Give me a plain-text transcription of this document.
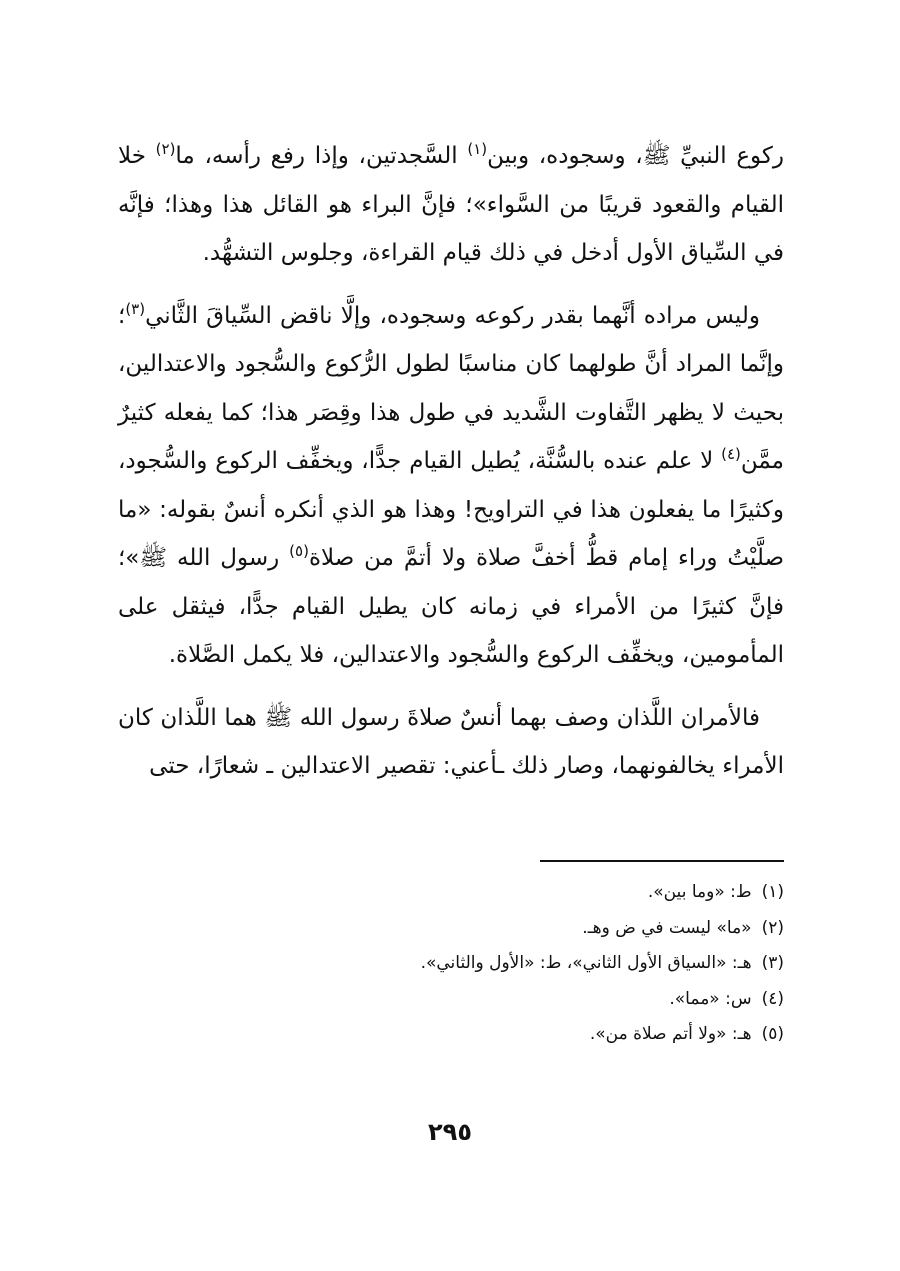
ركوع النبيِّ ﷺ، وسجوده، وبين$^{(١)}$ السَّجدتين، وإذا رفع رأسه، ما$^{(٢)}$ خلا القيام والقعود قريبًا من السَّواء»؛ فإنَّ البراء هو القائل هذا وهذا؛ فإنَّه في السِّياق الأول أدخل في ذلك قيام القراءة، وجلوس التشهُّد.

وليس مراده أنَّهما بقدر ركوعه وسجوده، وإلَّا ناقض السِّياقَ الثَّاني$^{(٣)}$؛ وإنَّما المراد أنَّ طولهما كان مناسبًا لطول الرُّكوع والسُّجود والاعتدالين، بحيث لا يظهر التَّفاوت الشَّديد في طول هذا وقِصَر هذا؛ كما يفعله كثيرٌ ممَّن$^{(٤)}$ لا علم عنده بالسُّنَّة، يُطيل القيام جدًّا، ويخفِّف الركوع والسُّجود، وكثيرًا ما يفعلون هذا في التراويح! وهذا هو الذي أنكره أنسٌ بقوله: «ما صلَّيْتُ وراء إمام قطُّ أخفَّ صلاة ولا أتمَّ من صلاة$^{(٥)}$ رسول الله ﷺ»؛ فإنَّ كثيرًا من الأمراء في زمانه كان يطيل القيام جدًّا، فيثقل على المأمومين، ويخفِّف الركوع والسُّجود والاعتدالين، فلا يكمل الصَّلاة.

فالأمران اللَّذان وصف بهما أنسٌ صلاةَ رسول الله ﷺ هما اللَّذان كان الأمراء يخالفونهما، وصار ذلك ـأعني: تقصير الاعتدالين ـ شعارًا، حتى

(١)ط: «وما بين».

(٢)«ما» ليست في ض وهـ.

(٣)هـ: «السياق الأول الثاني»، ط: «الأول والثاني».

(٤)س: «مما».

(٥)هـ: «ولا أتم صلاة من».

٢٩٥
